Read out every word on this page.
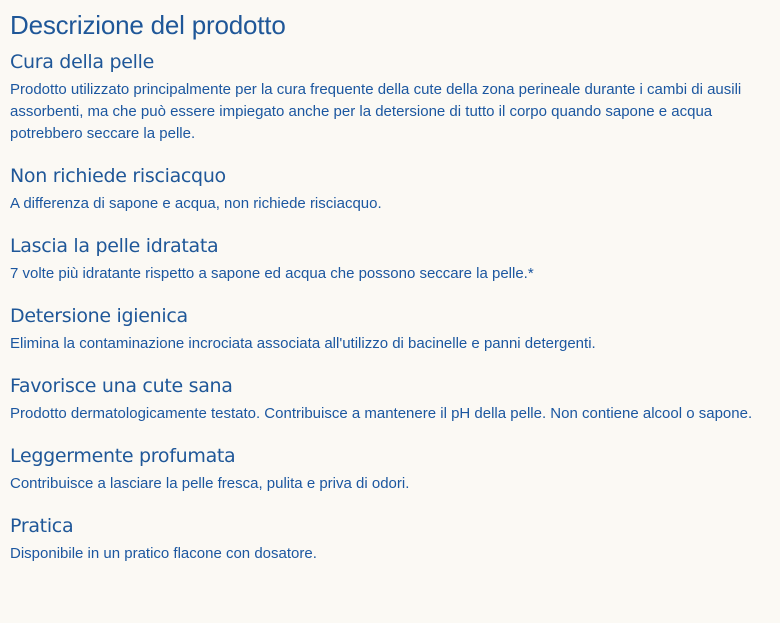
Descrizione del prodotto
Cura della pelle

Prodotto utilizzato principalmente per la cura frequente della cute della zona perineale durante i cambi di ausili assorbenti, ma che può essere impiegato anche per la detersione di tutto il corpo quando sapone e acqua potrebbero seccare la pelle.

Non richiede risciacquo

A differenza di sapone e acqua, non richiede risciacquo.

Lascia la pelle idratata

7 volte più idratante rispetto a sapone ed acqua che possono seccare la pelle.*

Detersione igienica

Elimina la contaminazione incrociata associata all'utilizzo di bacinelle e panni detergenti.

Favorisce una cute sana

Prodotto dermatologicamente testato. Contribuisce a mantenere il pH della pelle. Non contiene alcool o sapone.

Leggermente profumata

Contribuisce a lasciare la pelle fresca, pulita e priva di odori.

Pratica

Disponibile in un pratico flacone con dosatore.
